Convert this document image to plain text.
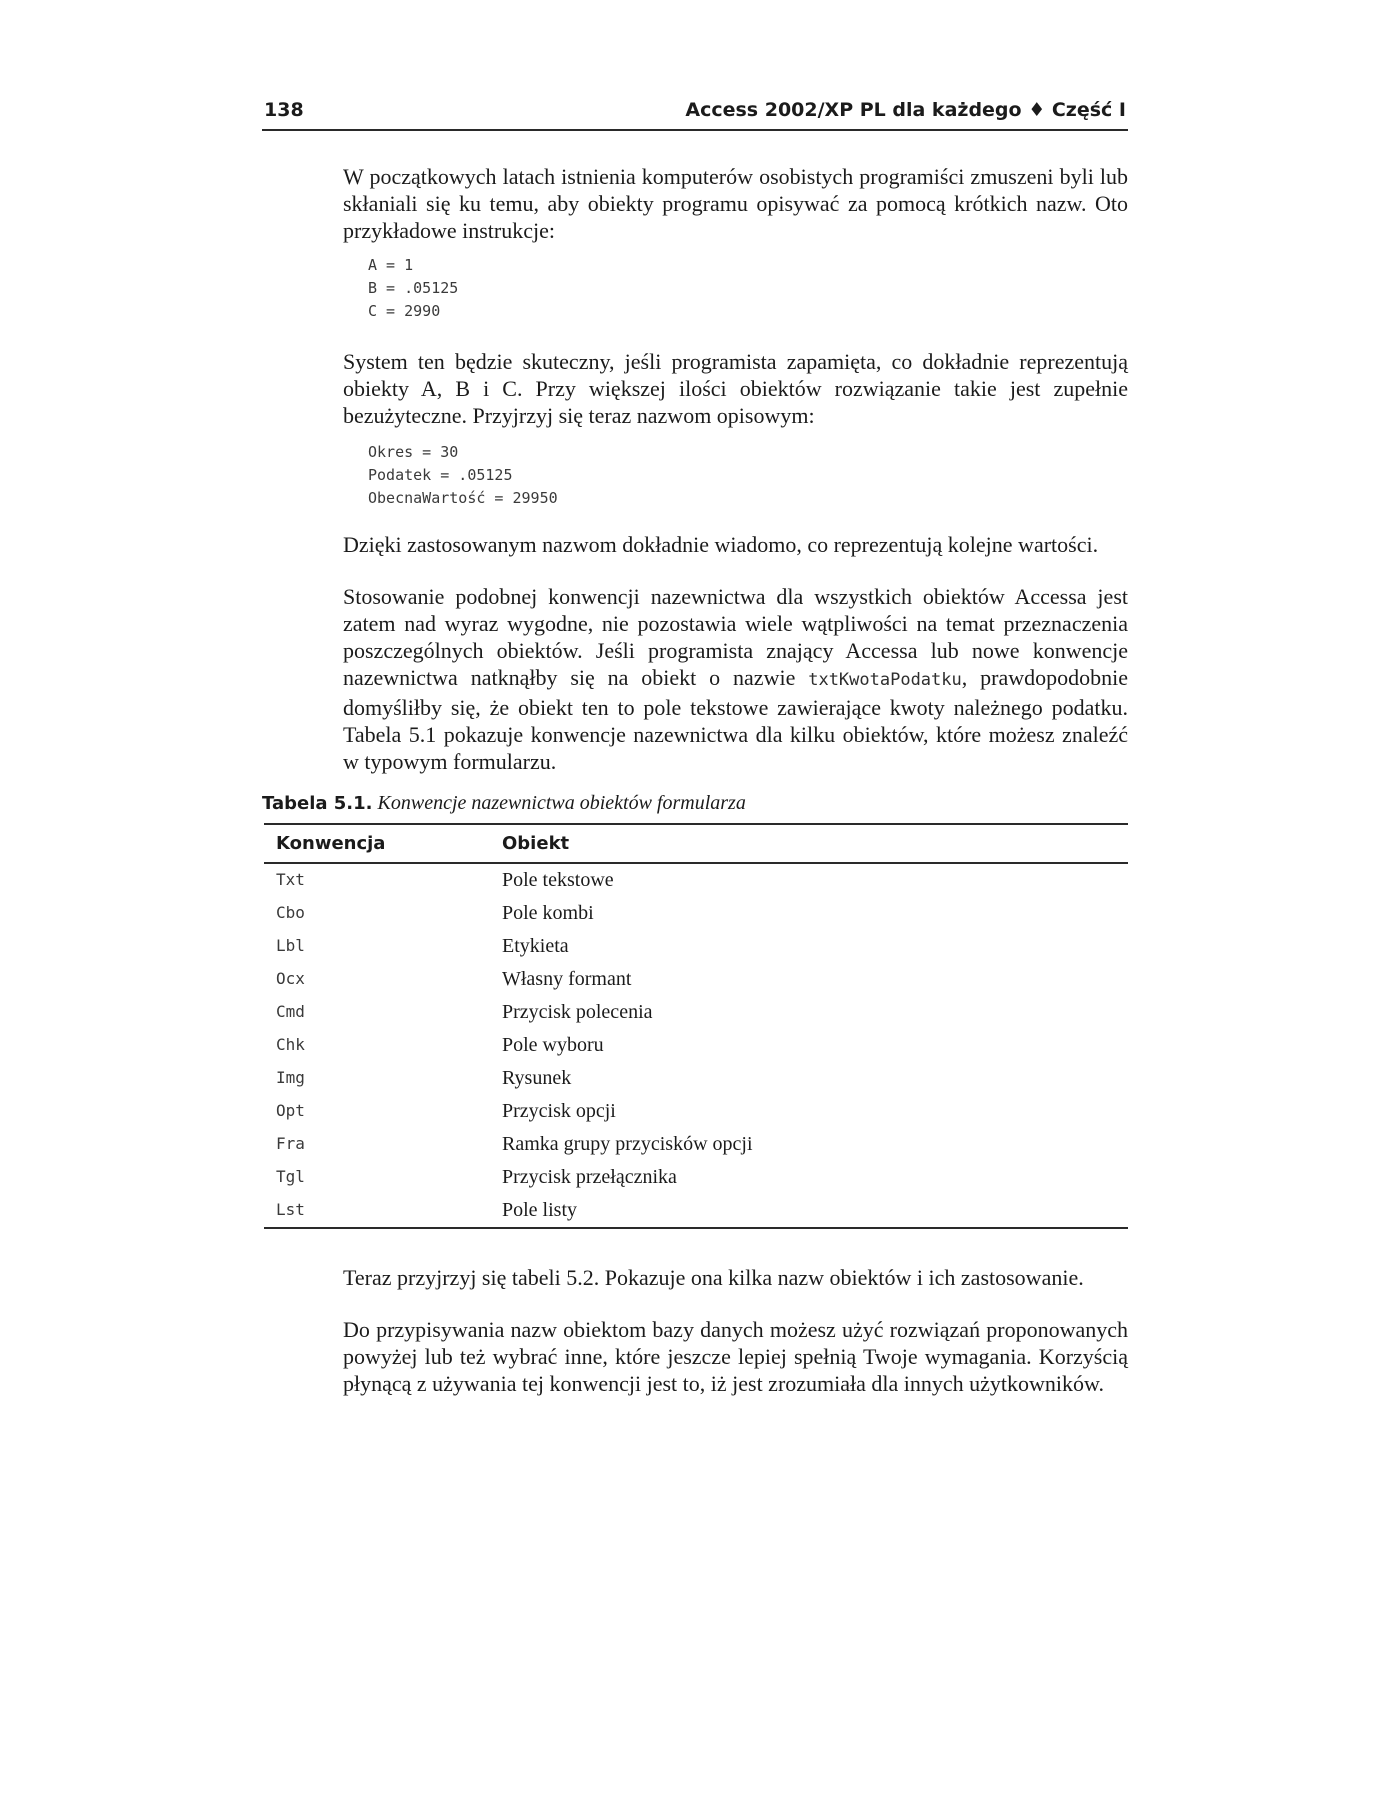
138	Access 2002/XP PL dla każdego ♦ Część I

W początkowych latach istnienia komputerów osobistych programiści zmuszeni byli lub skłaniali się ku temu, aby obiekty programu opisywać za pomocą krótkich nazw. Oto przykładowe instrukcje:

A = 1
B = .05125
C = 2990

System ten będzie skuteczny, jeśli programista zapamięta, co dokładnie reprezentują obiekty A, B i C. Przy większej ilości obiektów rozwiązanie takie jest zupełnie bezużyteczne. Przyjrzyj się teraz nazwom opisowym:

Okres = 30
Podatek = .05125
ObecnaWartość = 29950

Dzięki zastosowanym nazwom dokładnie wiadomo, co reprezentują kolejne wartości.

Stosowanie podobnej konwencji nazewnictwa dla wszystkich obiektów Accessa jest zatem nad wyraz wygodne, nie pozostawia wiele wątpliwości na temat przeznaczenia poszczególnych obiektów. Jeśli programista znający Accessa lub nowe konwencje nazewnictwa natknąłby się na obiekt o nazwie txtKwotaPodatku, prawdopodobnie domyśliłby się, że obiekt ten to pole tekstowe zawierające kwoty należnego podatku. Tabela 5.1 pokazuje konwencje nazewnictwa dla kilku obiektów, które możesz znaleźć w typowym formularzu.

Tabela 5.1. Konwencje nazewnictwa obiektów formularza
Konwencja	Obiekt
Txt	Pole tekstowe
Cbo	Pole kombi
Lbl	Etykieta
Ocx	Własny formant
Cmd	Przycisk polecenia
Chk	Pole wyboru
Img	Rysunek
Opt	Przycisk opcji
Fra	Ramka grupy przycisków opcji
Tgl	Przycisk przełącznika
Lst	Pole listy

Teraz przyjrzyj się tabeli 5.2. Pokazuje ona kilka nazw obiektów i ich zastosowanie.

Do przypisywania nazw obiektom bazy danych możesz użyć rozwiązań proponowanych powyżej lub też wybrać inne, które jeszcze lepiej spełnią Twoje wymagania. Korzyścią płynącą z używania tej konwencji jest to, iż jest zrozumiała dla innych użytkowników.
